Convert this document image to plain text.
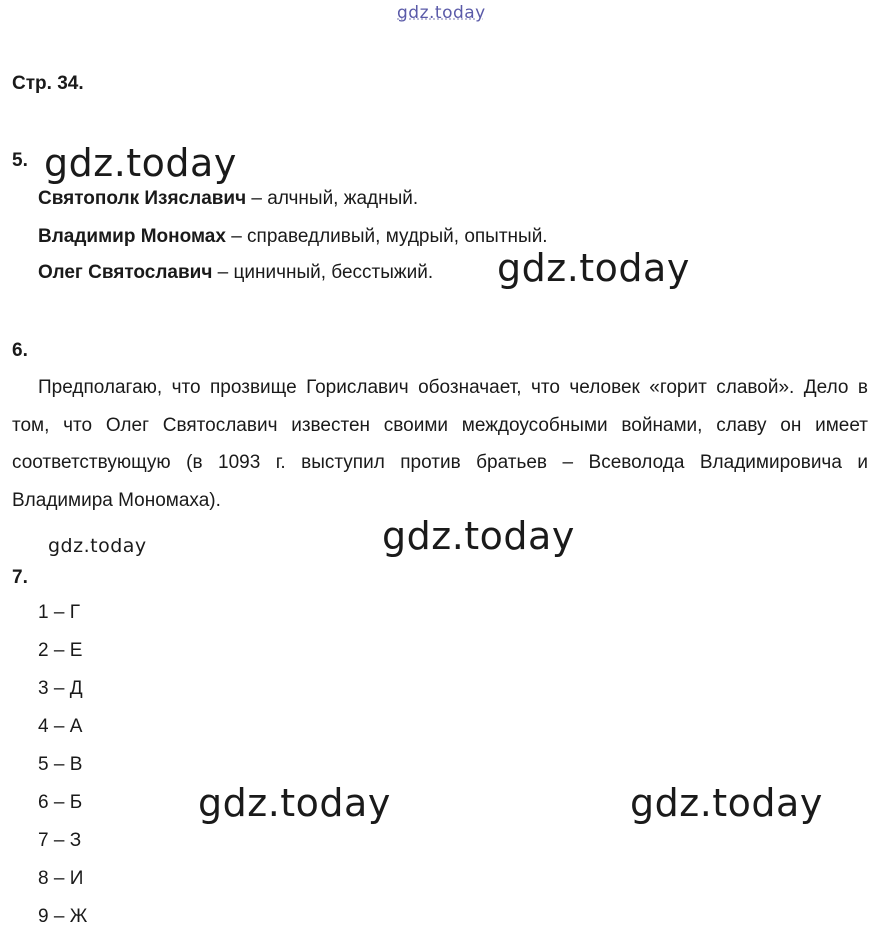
gdz.today
Стр. 34.
5. gdz.today
Святополк Изяславич – алчный, жадный.
Владимир Мономах – справедливый, мудрый, опытный.
Олег Святославич – циничный, бесстыжий. gdz.today
6.
Предполагаю, что прозвище Гориславич обозначает, что человек «горит славой». Дело в том, что Олег Святославич известен своими междоусобными войнами, славу он имеет соответствующую (в 1093 г. выступил против братьев – Всеволода Владимировича и Владимира Мономаха).
gdz.today
gdz.today
7.
1 – Г
2 – Е
3 – Д
4 – А
5 – В
6 – Б
7 – З
8 – И
9 – Ж
gdz.today	gdz.today
